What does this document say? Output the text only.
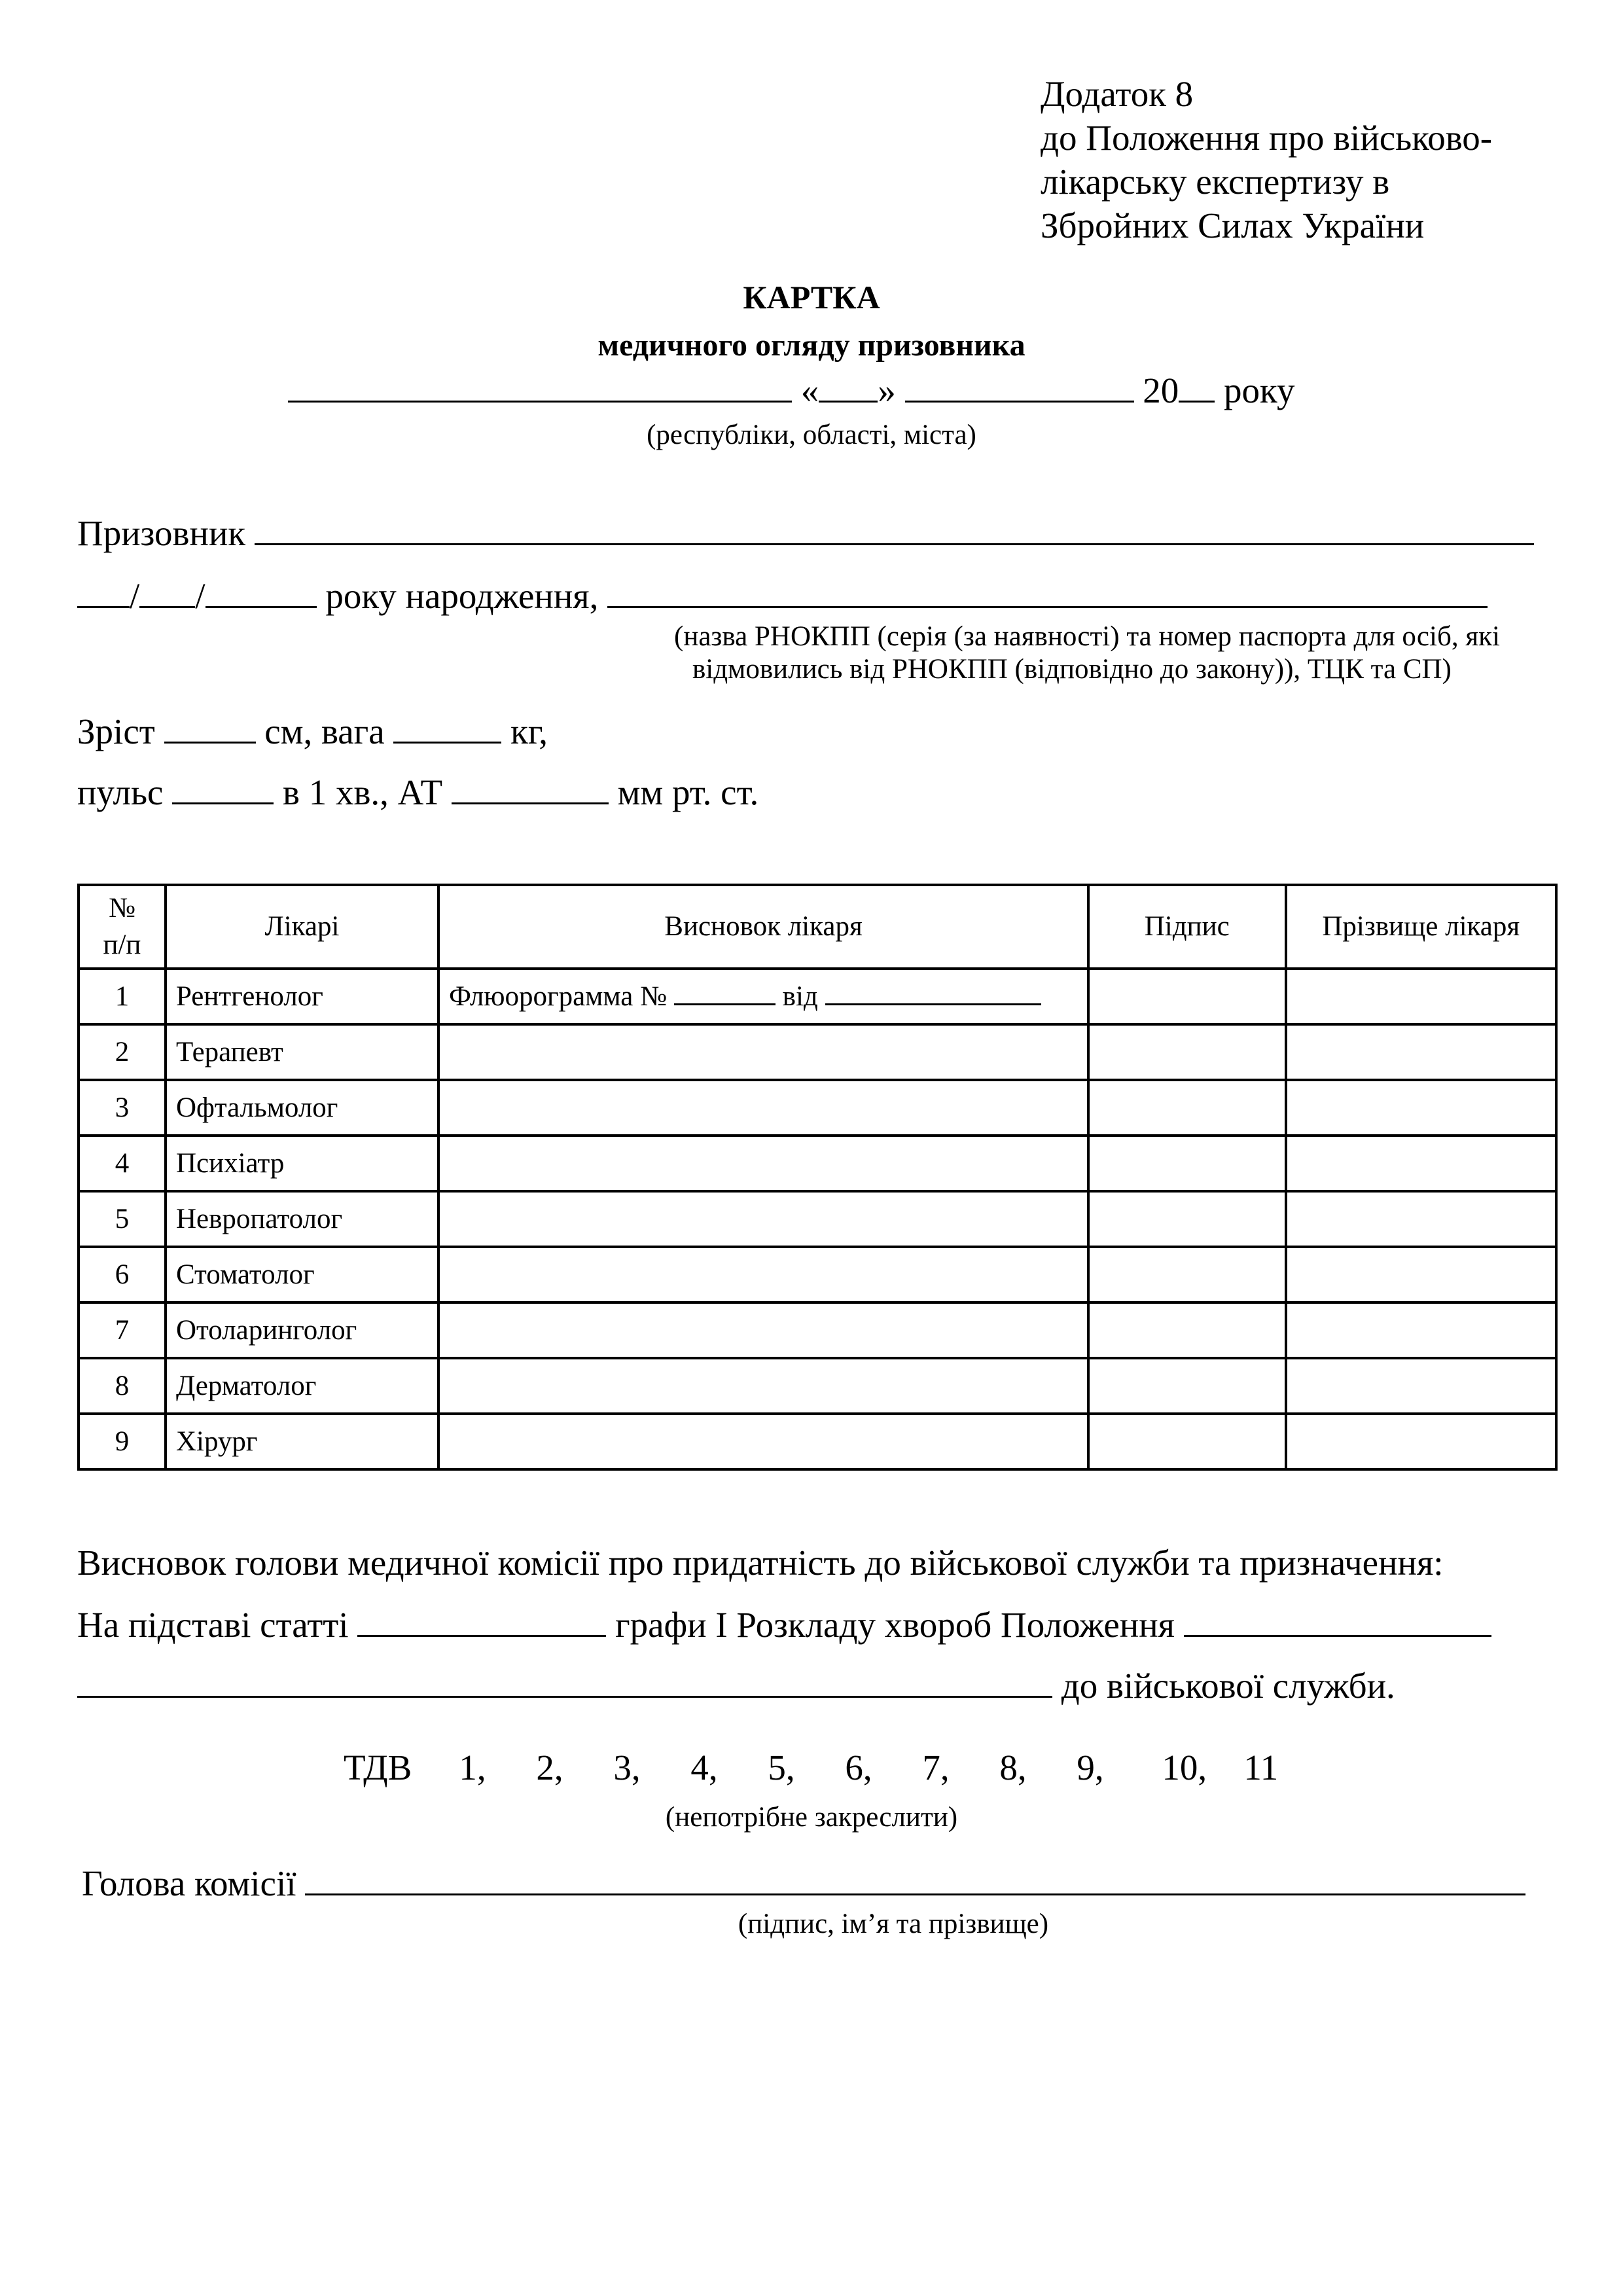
Додаток 8
до Положення про військово-
лікарську експертизу в
Збройних Силах України
КАРТКА
медичного огляду призовника
« »	20 року
(республіки, області, міста)
Призовник
/ /	року народження,
(назва РНОКПП (серія (за наявності) та номер паспорта для осіб, які
відмовились від РНОКПП (відповідно до закону)), ТЦК та СП)
Зріст	см, вага	кг,
пульс	в 1 хв., АТ	мм рт. ст.
№
п/п	Лікарі	Висновок лікаря	Підпис	Прізвище лікаря
1	Рентгенолог	Флюорограмма № від		
2	Терапевт			
3	Офтальмолог			
4	Психіатр			
5	Невропатолог			
6	Стоматолог			
7	Отоларинголог			
8	Дерматолог			
9	Хірург			
Висновок голови медичної комісії про придатність до військової служби та призначення:
На підставі статті	графи І Розкладу хвороб Положення
до військової служби.
ТДВ 1, 2, 3, 4, 5, 6, 7, 8, 9, 10, 11
(непотрібне закреслити)
Голова комісії
(підпис, ім’я та прізвище)
